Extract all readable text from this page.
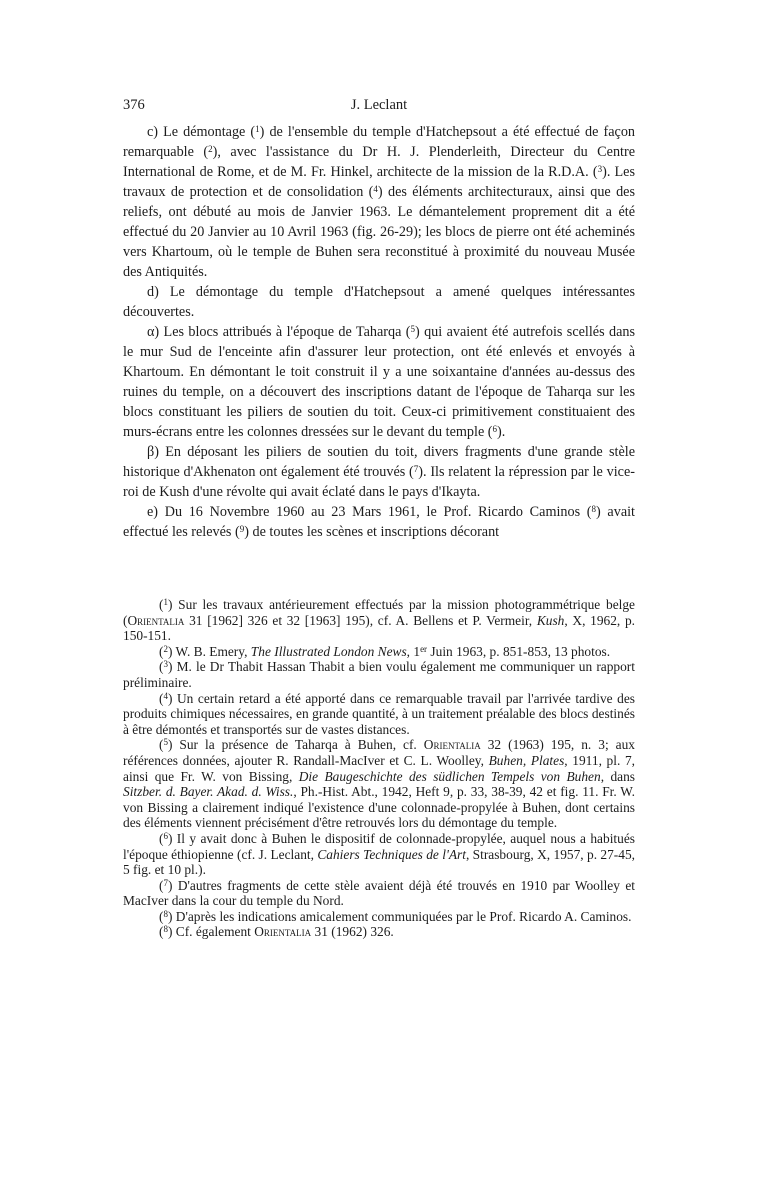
376	J. Leclant

c) Le démontage ($^1$) de l'ensemble du temple d'Hatchepsout a été effectué de façon remarquable ($^2$), avec l'assistance du Dr H. J. Plenderleith, Directeur du Centre International de Rome, et de M. Fr. Hinkel, architecte de la mission de la R.D.A. ($^3$). Les travaux de protection et de consolidation ($^4$) des éléments architecturaux, ainsi que des reliefs, ont débuté au mois de Janvier 1963. Le démantelement proprement dit a été effectué du 20 Janvier au 10 Avril 1963 (fig. 26-29); les blocs de pierre ont été acheminés vers Khartoum, où le temple de Buhen sera reconstitué à proximité du nouveau Musée des Antiquités.

d) Le démontage du temple d'Hatchepsout a amené quelques intéressantes découvertes.

α) Les blocs attribués à l'époque de Taharqa ($^5$) qui avaient été autrefois scellés dans le mur Sud de l'enceinte afin d'assurer leur protection, ont été enlevés et envoyés à Khartoum. En démontant le toit construit il y a une soixantaine d'années au-dessus des ruines du temple, on a découvert des inscriptions datant de l'époque de Taharqa sur les blocs constituant les piliers de soutien du toit. Ceux-ci primitivement constituaient des murs-écrans entre les colonnes dressées sur le devant du temple ($^6$).

β) En déposant les piliers de soutien du toit, divers fragments d'une grande stèle historique d'Akhenaton ont également été trouvés ($^7$). Ils relatent la répression par le vice-roi de Kush d'une révolte qui avait éclaté dans le pays d'Ikayta.

e) Du 16 Novembre 1960 au 23 Mars 1961, le Prof. Ricardo Caminos ($^8$) avait effectué les relevés ($^9$) de toutes les scènes et inscriptions décorant

($^1$) Sur les travaux antérieurement effectués par la mission photogrammétrique belge (Orientalia 31 [1962] 326 et 32 [1963] 195), cf. A. Bellens et P. Vermeir, Kush, X, 1962, p. 150-151.

($^2$) W. B. Emery, The Illustrated London News, 1er Juin 1963, p. 851-853, 13 photos.

($^3$) M. le Dr Thabit Hassan Thabit a bien voulu également me communiquer un rapport préliminaire.

($^4$) Un certain retard a été apporté dans ce remarquable travail par l'arrivée tardive des produits chimiques nécessaires, en grande quantité, à un traitement préalable des blocs destinés à être démontés et transportés sur de vastes distances.

($^5$) Sur la présence de Taharqa à Buhen, cf. Orientalia 32 (1963) 195, n. 3; aux références données, ajouter R. Randall-MacIver et C. L. Woolley, Buhen, Plates, 1911, pl. 7, ainsi que Fr. W. von Bissing, Die Baugeschichte des südlichen Tempels von Buhen, dans Sitzber. d. Bayer. Akad. d. Wiss., Ph.-Hist. Abt., 1942, Heft 9, p. 33, 38-39, 42 et fig. 11. Fr. W. von Bissing a clairement indiqué l'existence d'une colonnade-propylée à Buhen, dont certains des éléments viennent précisément d'être retrouvés lors du démontage du temple.

($^6$) Il y avait donc à Buhen le dispositif de colonnade-propylée, auquel nous a habitués l'époque éthiopienne (cf. J. Leclant, Cahiers Techniques de l'Art, Strasbourg, X, 1957, p. 27-45, 5 fig. et 10 pl.).

($^7$) D'autres fragments de cette stèle avaient déjà été trouvés en 1910 par Woolley et MacIver dans la cour du temple du Nord.

($^8$) D'après les indications amicalement communiquées par le Prof. Ricardo A. Caminos.

($^8$) Cf. également Orientalia 31 (1962) 326.
